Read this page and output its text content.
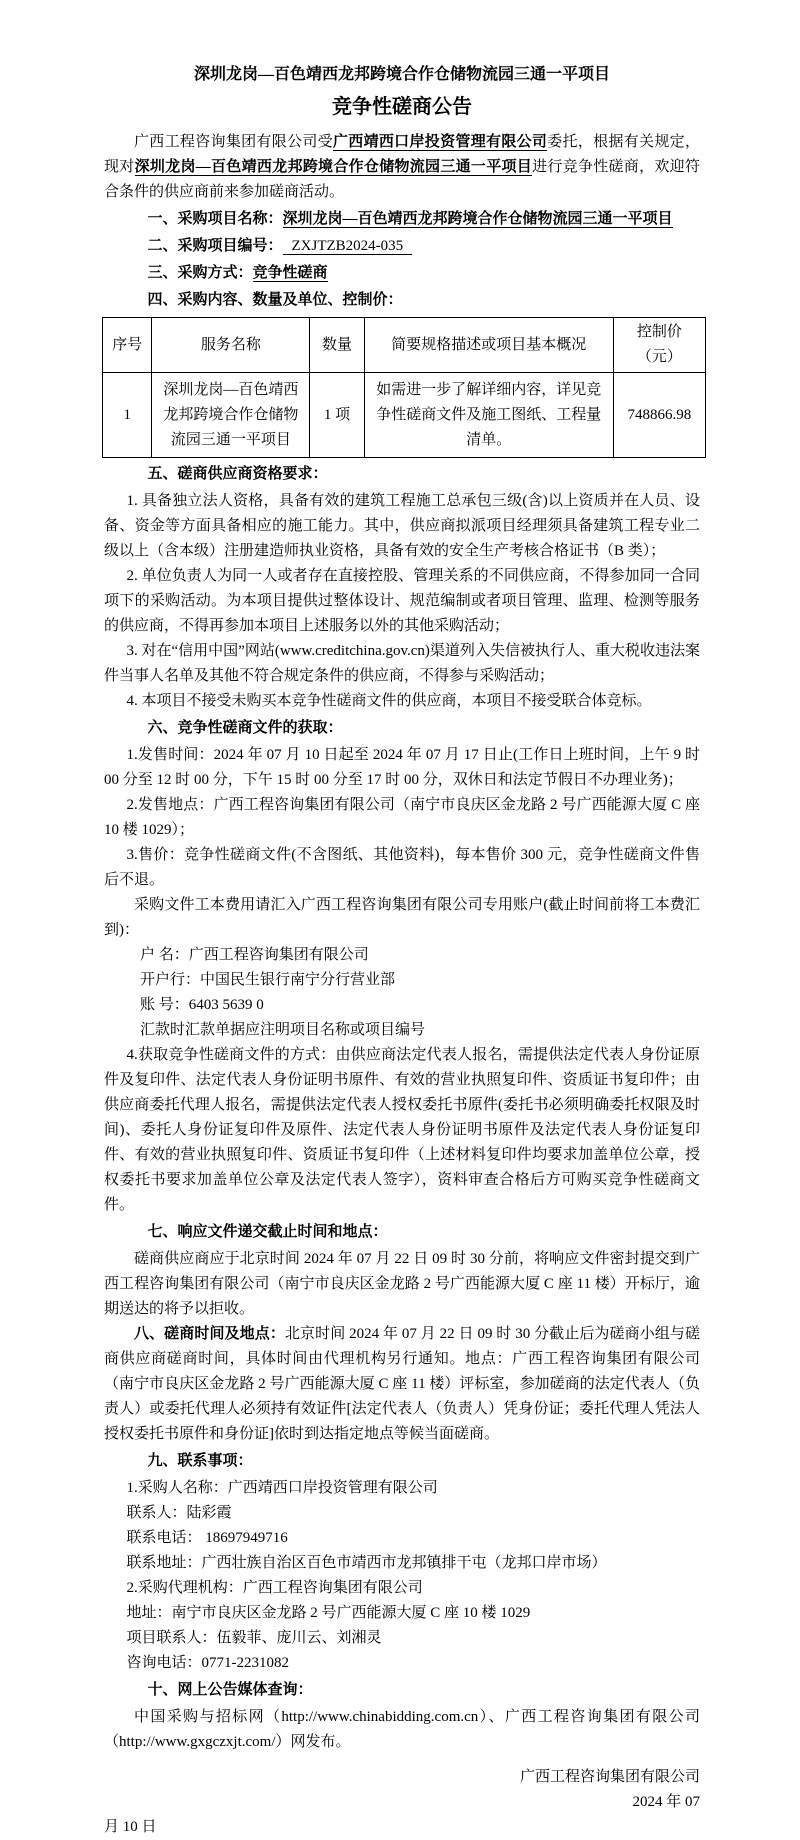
深圳龙岗—百色靖西龙邦跨境合作仓储物流园三通一平项目

竞争性磋商公告

广西工程咨询集团有限公司受广西靖西口岸投资管理有限公司委托，根据有关规定，现对深圳龙岗—百色靖西龙邦跨境合作仓储物流园三通一平项目进行竞争性磋商，欢迎符合条件的供应商前来参加磋商活动。

一、采购项目名称：深圳龙岗—百色靖西龙邦跨境合作仓储物流园三通一平项目

二、采购项目编号： ZXJTZB2024-035

三、采购方式：竞争性磋商

四、采购内容、数量及单位、控制价：

序号	服务名称	数量	简要规格描述或项目基本概况	控制价（元）
1	深圳龙岗—百色靖西龙邦跨境合作仓储物流园三通一平项目	1 项	如需进一步了解详细内容，详见竞争性磋商文件及施工图纸、工程量清单。	748866.98

五、磋商供应商资格要求：

1. 具备独立法人资格，具备有效的建筑工程施工总承包三级(含)以上资质并在人员、设备、资金等方面具备相应的施工能力。其中，供应商拟派项目经理须具备建筑工程专业二级以上（含本级）注册建造师执业资格，具备有效的安全生产考核合格证书（B 类）；

2. 单位负责人为同一人或者存在直接控股、管理关系的不同供应商，不得参加同一合同项下的采购活动。为本项目提供过整体设计、规范编制或者项目管理、监理、检测等服务的供应商，不得再参加本项目上述服务以外的其他采购活动；

3. 对在“信用中国”网站(www.creditchina.gov.cn)渠道列入失信被执行人、重大税收违法案件当事人名单及其他不符合规定条件的供应商，不得参与采购活动；

4. 本项目不接受未购买本竞争性磋商文件的供应商，本项目不接受联合体竞标。

六、竞争性磋商文件的获取：

1.发售时间：2024 年 07 月 10 日起至 2024 年 07 月 17 日止(工作日上班时间，上午 9 时 00 分至 12 时 00 分，下午 15 时 00 分至 17 时 00 分，双休日和法定节假日不办理业务)；

2.发售地点：广西工程咨询集团有限公司（南宁市良庆区金龙路 2 号广西能源大厦 C 座 10 楼 1029）；

3.售价：竞争性磋商文件(不含图纸、其他资料)，每本售价 300 元，竞争性磋商文件售后不退。

采购文件工本费用请汇入广西工程咨询集团有限公司专用账户(截止时间前将工本费汇到)：

户 名：广西工程咨询集团有限公司

开户行：中国民生银行南宁分行营业部

账 号：6403 5639 0

汇款时汇款单据应注明项目名称或项目编号

4.获取竞争性磋商文件的方式：由供应商法定代表人报名，需提供法定代表人身份证原件及复印件、法定代表人身份证明书原件、有效的营业执照复印件、资质证书复印件；由供应商委托代理人报名，需提供法定代表人授权委托书原件(委托书必须明确委托权限及时间)、委托人身份证复印件及原件、法定代表人身份证明书原件及法定代表人身份证复印件、有效的营业执照复印件、资质证书复印件（上述材料复印件均要求加盖单位公章，授权委托书要求加盖单位公章及法定代表人签字），资料审查合格后方可购买竞争性磋商文件。

七、响应文件递交截止时间和地点：

磋商供应商应于北京时间 2024 年 07 月 22 日 09 时 30 分前，将响应文件密封提交到广西工程咨询集团有限公司（南宁市良庆区金龙路 2 号广西能源大厦 C 座 11 楼）开标厅，逾期送达的将予以拒收。

八、磋商时间及地点：北京时间 2024 年 07 月 22 日 09 时 30 分截止后为磋商小组与磋商供应商磋商时间，具体时间由代理机构另行通知。地点：广西工程咨询集团有限公司（南宁市良庆区金龙路 2 号广西能源大厦 C 座 11 楼）评标室，参加磋商的法定代表人（负责人）或委托代理人必须持有效证件[法定代表人（负责人）凭身份证；委托代理人凭法人授权委托书原件和身份证]依时到达指定地点等候当面磋商。

九、联系事项：

1.采购人名称：广西靖西口岸投资管理有限公司

联系人：陆彩霞

联系电话： 18697949716

联系地址：广西壮族自治区百色市靖西市龙邦镇排干屯（龙邦口岸市场）

2.采购代理机构：广西工程咨询集团有限公司

地址：南宁市良庆区金龙路 2 号广西能源大厦 C 座 10 楼 1029

项目联系人：伍毅菲、庞川云、刘湘灵

咨询电话：0771-2231082

十、网上公告媒体查询：

中国采购与招标网（http://www.chinabidding.com.cn）、广西工程咨询集团有限公司（http://www.gxgczxjt.com/）网发布。

广西工程咨询集团有限公司

2024 年 07

月 10 日
